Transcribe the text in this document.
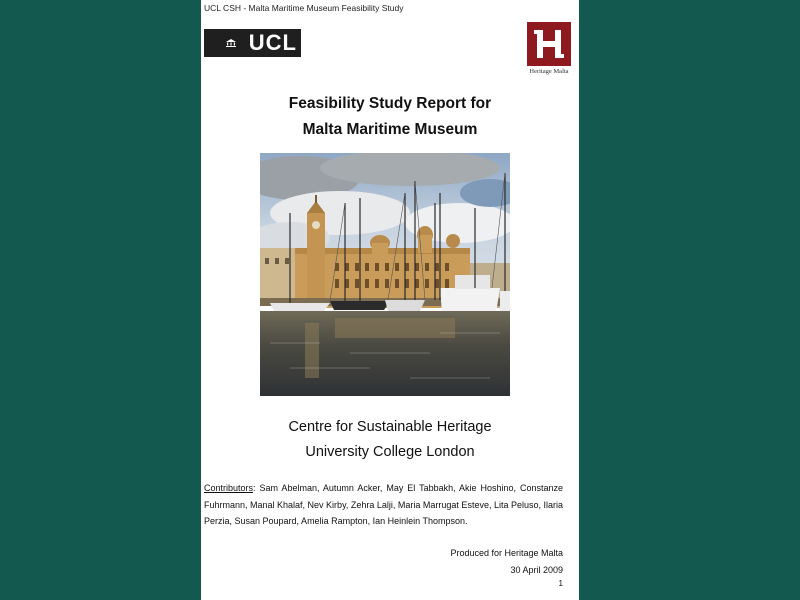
UCL CSH - Malta Maritime Museum Feasibility Study
UCL
Heritage Malta
Feasibility Study Report for
Malta Maritime Museum
Centre for Sustainable Heritage
University College London
Contributors: Sam Abelman, Autumn Acker, May El Tabbakh, Akie Hoshino, Constanze Fuhrmann, Manal Khalaf, Nev Kirby, Zehra Lalji, Maria Marrugat Esteve, Lita Peluso, Ilaria Perzia, Susan Poupard, Amelia Rampton, Ian Heinlein Thompson.
Produced for Heritage Malta
30 April 2009
1
